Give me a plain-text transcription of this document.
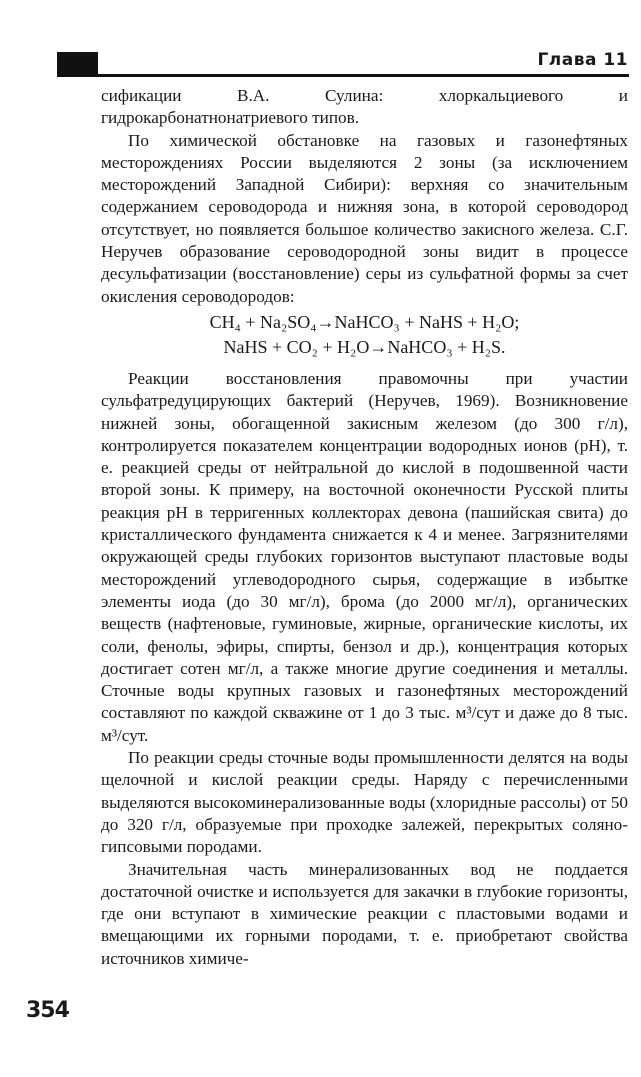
Глава 11

сификации В.А. Сулина: хлоркальциевого и гидрокарбонатнонатриевого типов.

По химической обстановке на газовых и газонефтяных месторождениях России выделяются 2 зоны (за исключением месторождений Западной Сибири): верхняя со значительным содержанием сероводорода и нижняя зона, в которой сероводород отсутствует, но появляется большое количество закисного железа. С.Г. Неручев образование сероводородной зоны видит в процессе десульфатизации (восстановление) серы из сульфатной формы за счет окисления сероводородов:

CH₄ + Na₂SO₄→NaHCO₃ + NaHS + H₂O;
NaHS + CO₂ + H₂O→NaHCO₃ + H₂S.

Реакции восстановления правомочны при участии сульфатредуцирующих бактерий (Неручев, 1969). Возникновение нижней зоны, обогащенной закисным железом (до 300 г/л), контролируется показателем концентрации водородных ионов (pH), т. е. реакцией среды от нейтральной до кислой в подошвенной части второй зоны. К примеру, на восточной оконечности Русской плиты реакция pH в терригенных коллекторах девона (пашийская свита) до кристаллического фундамента снижается к 4 и менее. Загрязнителями окружающей среды глубоких горизонтов выступают пластовые воды месторождений углеводородного сырья, содержащие в избытке элементы иода (до 30 мг/л), брома (до 2000 мг/л), органических веществ (нафтеновые, гуминовые, жирные, органические кислоты, их соли, фенолы, эфиры, спирты, бензол и др.), концентрация которых достигает сотен мг/л, а также многие другие соединения и металлы. Сточные воды крупных газовых и газонефтяных месторождений составляют по каждой скважине от 1 до 3 тыс. м³/сут и даже до 8 тыс. м³/сут.

По реакции среды сточные воды промышленности делятся на воды щелочной и кислой реакции среды. Наряду с перечисленными выделяются высокоминерализованные воды (хлоридные рассолы) от 50 до 320 г/л, образуемые при проходке залежей, перекрытых соляно-гипсовыми породами.

Значительная часть минерализованных вод не поддается достаточной очистке и используется для закачки в глубокие горизонты, где они вступают в химические реакции с пластовыми водами и вмещающими их горными породами, т. е. приобретают свойства источников химиче-

354
